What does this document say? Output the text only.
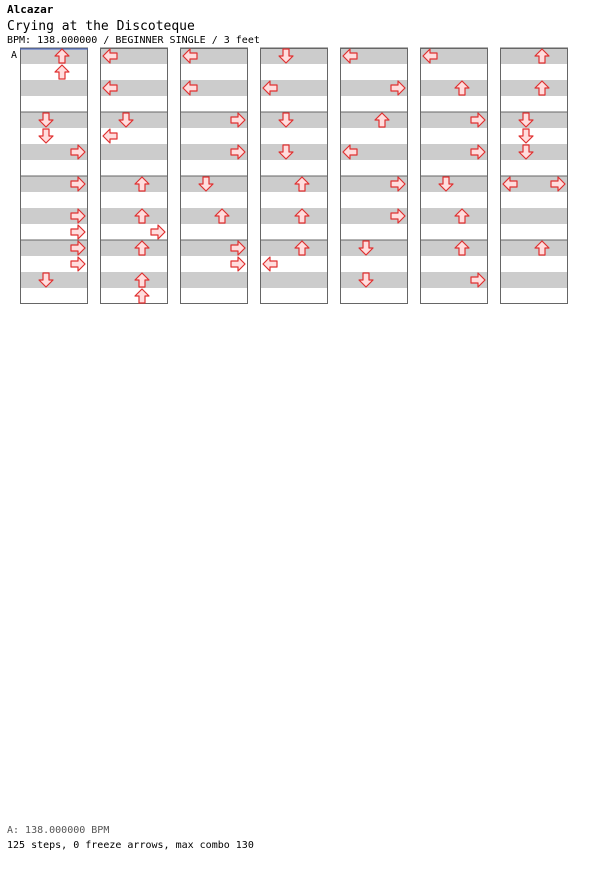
Alcazar
Crying at the Discoteque
BPM: 138.000000 / BEGINNER SINGLE / 3 feet
A
A: 138.000000 BPM
125 steps, 0 freeze arrows, max combo 130
